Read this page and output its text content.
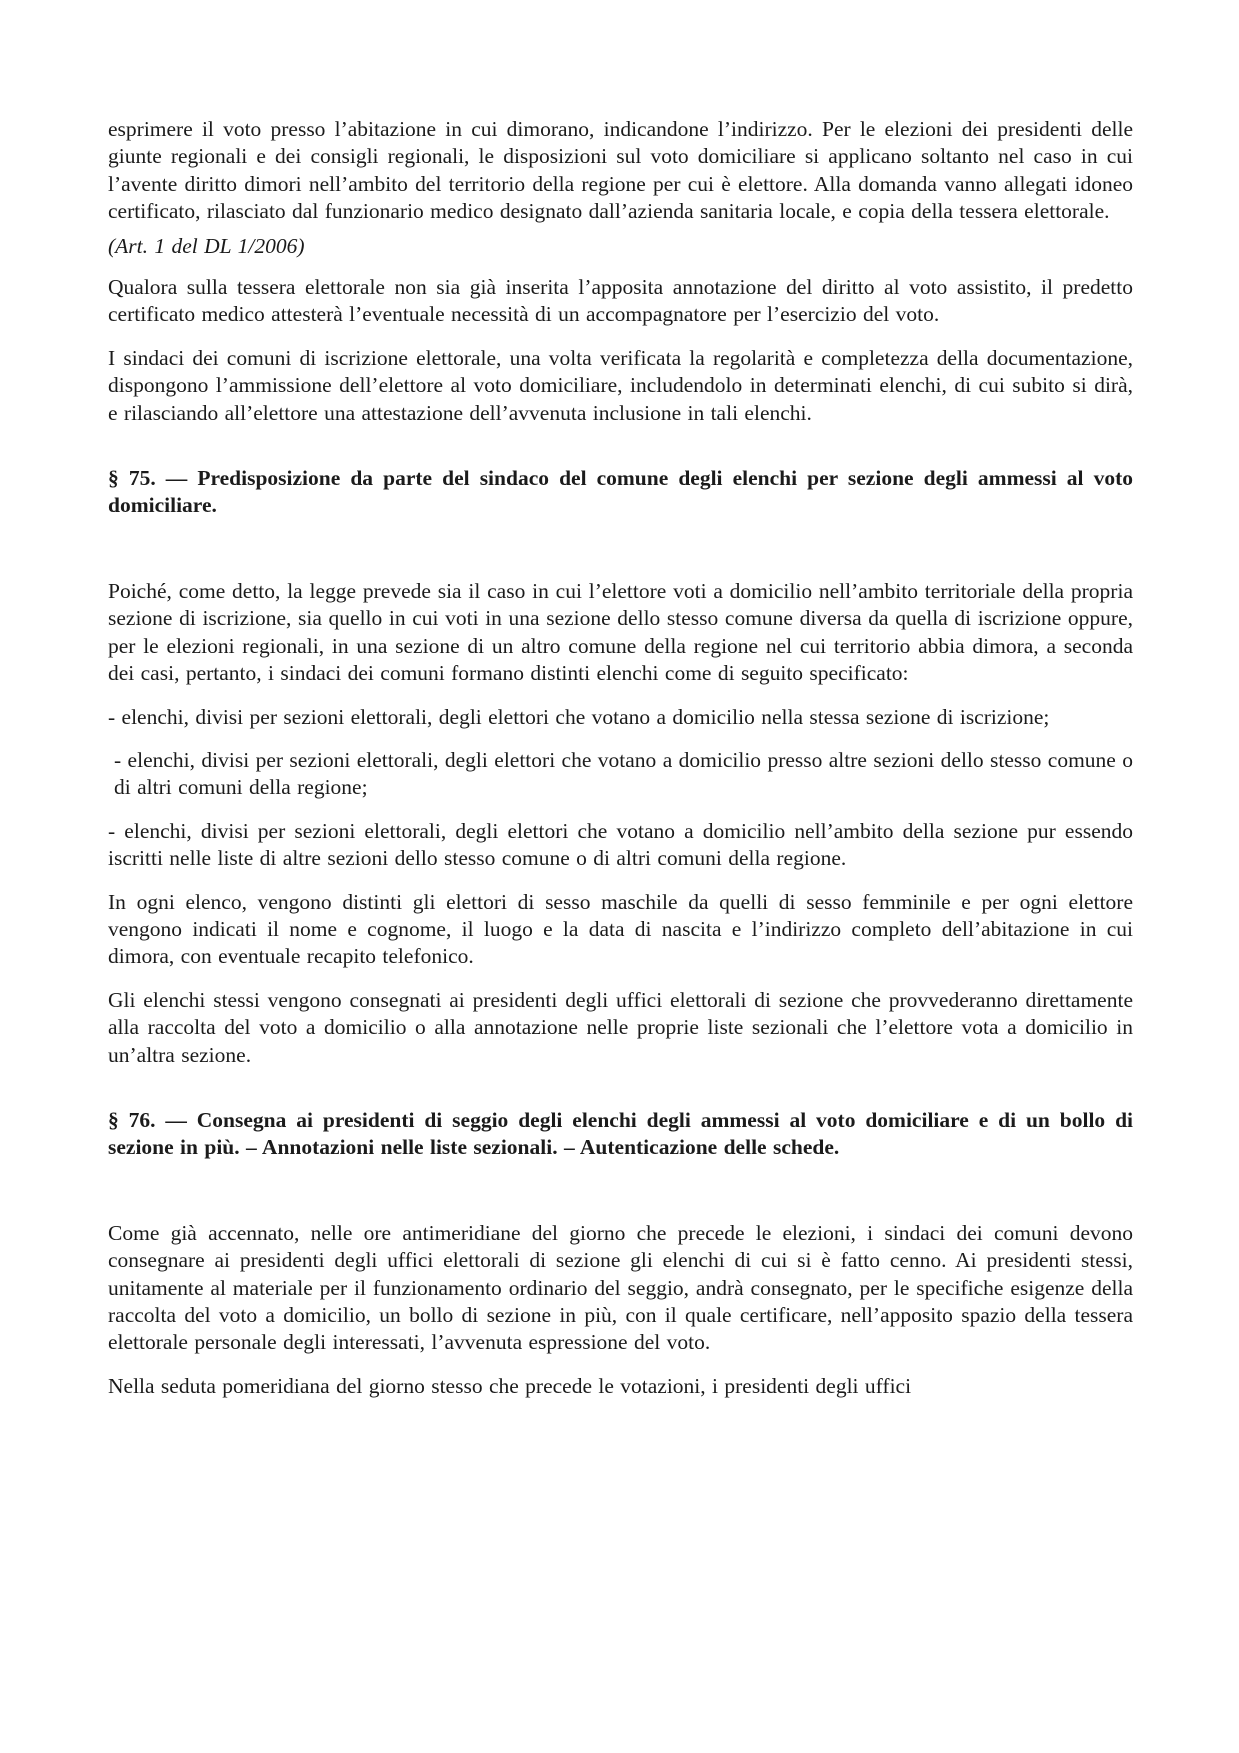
esprimere il voto presso l’abitazione in cui dimorano, indicandone l’indirizzo. Per le elezioni dei presidenti delle giunte regionali e dei consigli regionali, le disposizioni sul voto domiciliare si applicano soltanto nel caso in cui l’avente diritto dimori nell’ambito del territorio della regione per cui è elettore. Alla domanda vanno allegati idoneo certificato, rilasciato dal funzionario medico designato dall’azienda sanitaria locale, e copia della tessera elettorale.

(Art. 1 del DL 1/2006)

Qualora sulla tessera elettorale non sia già inserita l’apposita annotazione del diritto al voto assistito, il predetto certificato medico attesterà l’eventuale necessità di un accompagnatore per l’esercizio del voto.

I sindaci dei comuni di iscrizione elettorale, una volta verificata la regolarità e completezza della documentazione, dispongono l’ammissione dell’elettore al voto domiciliare, includendolo in determinati elenchi, di cui subito si dirà, e rilasciando all’elettore una attestazione dell’avvenuta inclusione in tali elenchi.

§ 75. — Predisposizione da parte del sindaco del comune degli elenchi per sezione degli ammessi al voto domiciliare.

Poiché, come detto, la legge prevede sia il caso in cui l’elettore voti a domicilio nell’ambito territoriale della propria sezione di iscrizione, sia quello in cui voti in una sezione dello stesso comune diversa da quella di iscrizione oppure, per le elezioni regionali, in una sezione di un altro comune della regione nel cui territorio abbia dimora, a seconda dei casi, pertanto, i sindaci dei comuni formano distinti elenchi come di seguito specificato:

- elenchi, divisi per sezioni elettorali, degli elettori che votano a domicilio nella stessa sezione di iscrizione;

- elenchi, divisi per sezioni elettorali, degli elettori che votano a domicilio presso altre sezioni dello stesso comune o di altri comuni della regione;

- elenchi, divisi per sezioni elettorali, degli elettori che votano a domicilio nell’ambito della sezione pur essendo iscritti nelle liste di altre sezioni dello stesso comune o di altri comuni della regione.

In ogni elenco, vengono distinti gli elettori di sesso maschile da quelli di sesso femminile e per ogni elettore vengono indicati il nome e cognome, il luogo e la data di nascita e l’indirizzo completo dell’abitazione in cui dimora, con eventuale recapito telefonico.

Gli elenchi stessi vengono consegnati ai presidenti degli uffici elettorali di sezione che provvederanno direttamente alla raccolta del voto a domicilio o alla annotazione nelle proprie liste sezionali che l’elettore vota a domicilio in un’altra sezione.

§ 76. — Consegna ai presidenti di seggio degli elenchi degli ammessi al voto domiciliare e di un bollo di sezione in più. – Annotazioni nelle liste sezionali. – Autenticazione delle schede.

Come già accennato, nelle ore antimeridiane del giorno che precede le elezioni, i sindaci dei comuni devono consegnare ai presidenti degli uffici elettorali di sezione gli elenchi di cui si è fatto cenno. Ai presidenti stessi, unitamente al materiale per il funzionamento ordinario del seggio, andrà consegnato, per le specifiche esigenze della raccolta del voto a domicilio, un bollo di sezione in più, con il quale certificare, nell’apposito spazio della tessera elettorale personale degli interessati, l’avvenuta espressione del voto.

Nella seduta pomeridiana del giorno stesso che precede le votazioni, i presidenti degli uffici
